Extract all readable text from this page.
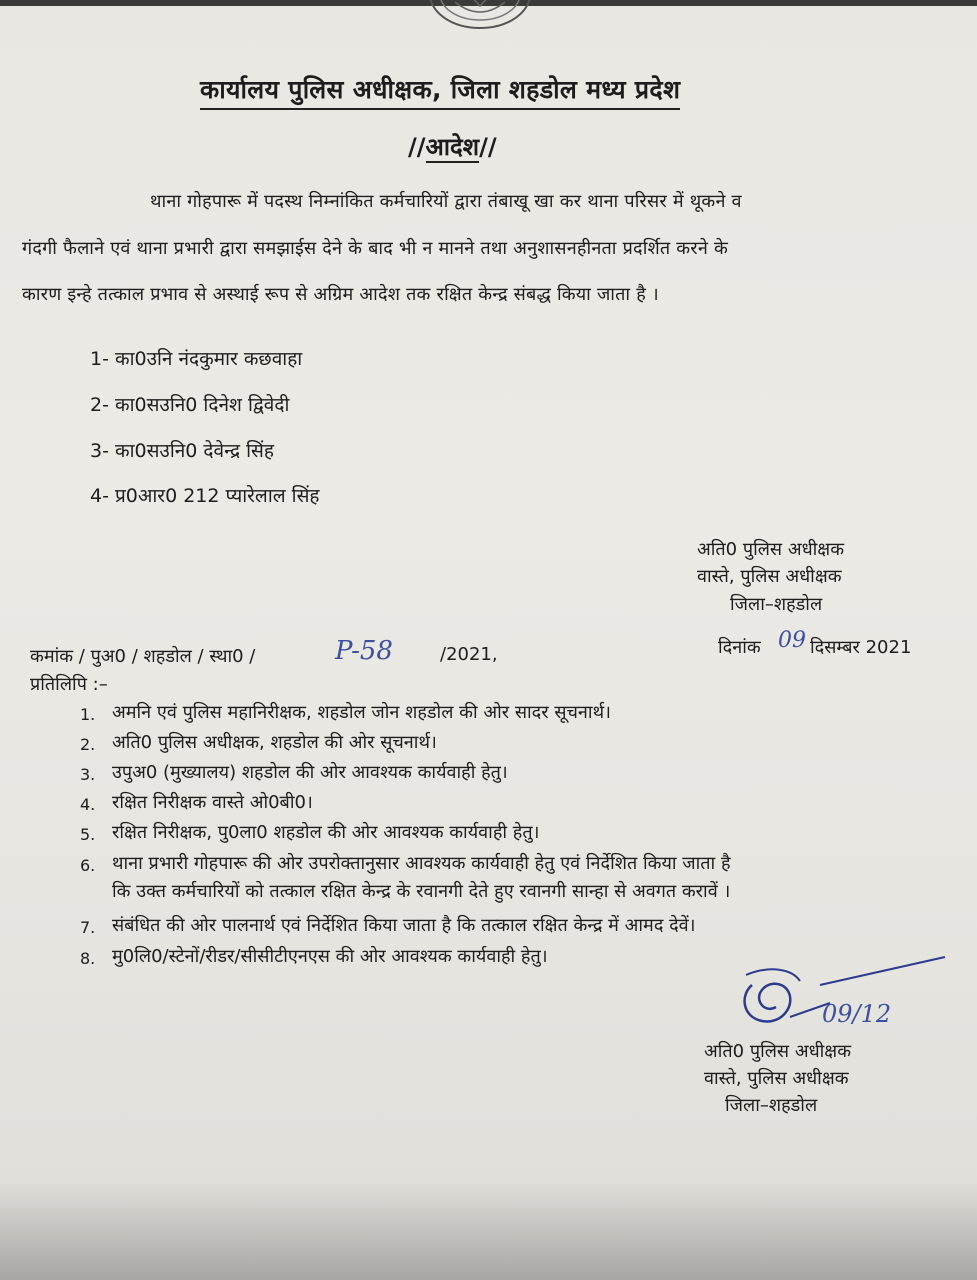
कार्यालय पुलिस अधीक्षक, जिला शहडोल मध्य प्रदेश
//आदेश//
थाना गोहपारू में पदस्थ निम्नांकित कर्मचारियों द्वारा तंबाखू खा कर थाना परिसर में थूकने व
गंदगी फैलाने एवं थाना प्रभारी द्वारा समझाईस देने के बाद भी न मानने तथा अनुशासनहीनता प्रदर्शित करने के
कारण इन्हे तत्काल प्रभाव से अस्थाई रूप से अग्रिम आदेश तक रक्षित केन्द्र संबद्ध किया जाता है ।
1- का0उनि नंदकुमार कछवाहा
2- का0सउनि0 दिनेश द्विवेदी
3- का0सउनि0 देवेन्द्र सिंह
4- प्र0आर0 212 प्यारेलाल सिंह
अति0 पुलिस अधीक्षक
वास्ते, पुलिस अधीक्षक
जिला–शहडोल
कमांक / पुअ0 / शहडोल / स्था0 /	P-58	/2021,	दिनांक 09 दिसम्बर 2021
प्रतिलिपि :–
1. अमनि एवं पुलिस महानिरीक्षक, शहडोल जोन शहडोल की ओर सादर सूचनार्थ।
2. अति0 पुलिस अधीक्षक, शहडोल की ओर सूचनार्थ।
3. उपुअ0 (मुख्यालय) शहडोल की ओर आवश्यक कार्यवाही हेतु।
4. रक्षित निरीक्षक वास्ते ओ0बी0।
5. रक्षित निरीक्षक, पु0ला0 शहडोल की ओर आवश्यक कार्यवाही हेतु।
6. थाना प्रभारी गोहपारू की ओर उपरोक्तानुसार आवश्यक कार्यवाही हेतु एवं निर्देशित किया जाता है
कि उक्त कर्मचारियों को तत्काल रक्षित केन्द्र के रवानगी देते हुए रवानगी सान्हा से अवगत करावें ।
7. संबंधित की ओर पालनार्थ एवं निर्देशित किया जाता है कि तत्काल रक्षित केन्द्र में आमद देवें।
8. मु0लि0/स्टेनों/रीडर/सीसीटीएनएस की ओर आवश्यक कार्यवाही हेतु।
09/12
अति0 पुलिस अधीक्षक
वास्ते, पुलिस अधीक्षक
जिला–शहडोल
